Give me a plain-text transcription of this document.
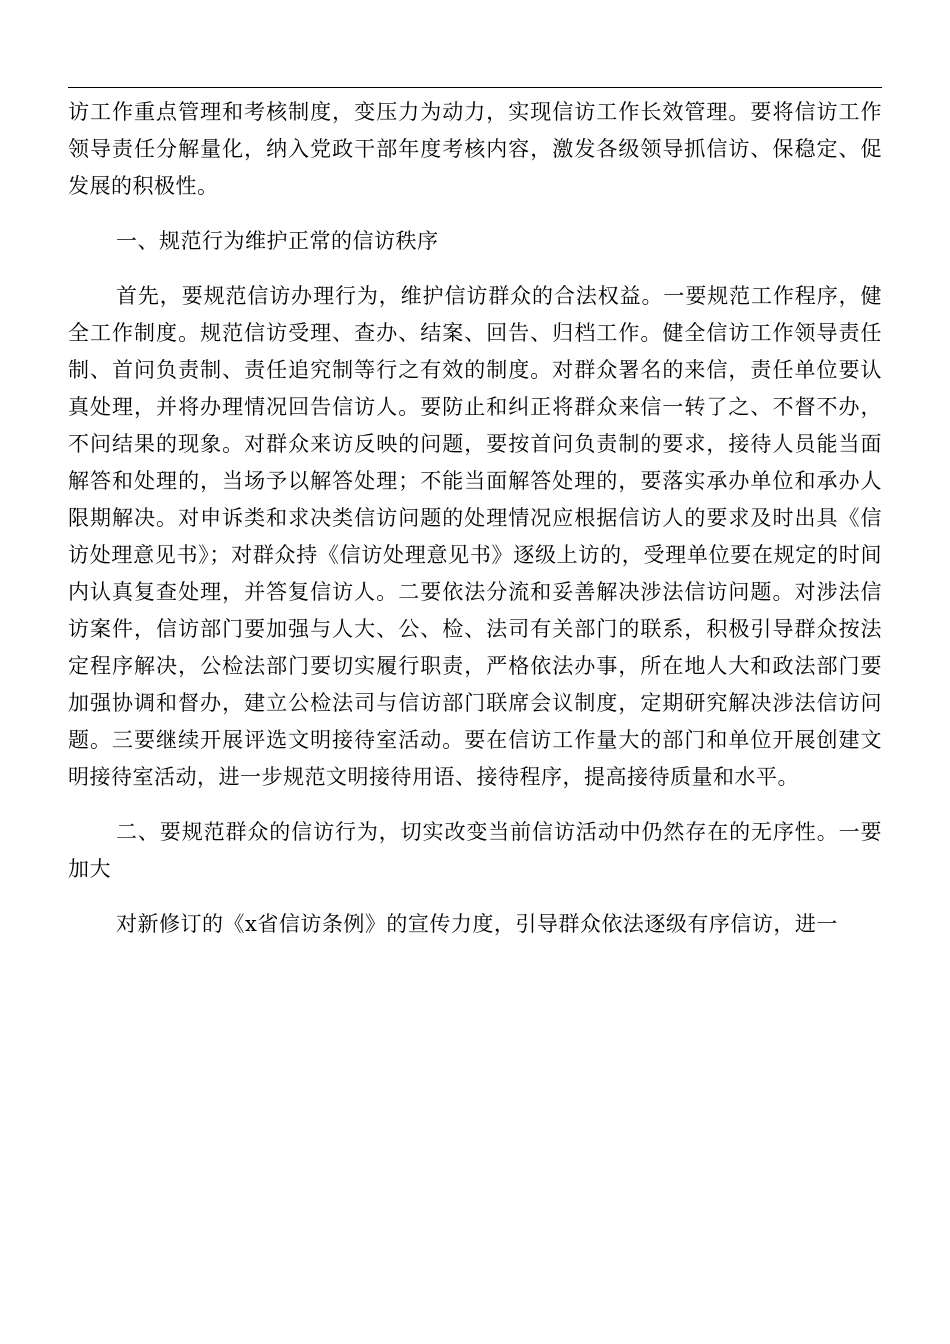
访工作重点管理和考核制度，变压力为动力，实现信访工作长效管理。要将信访工作领导责任分解量化，纳入党政干部年度考核内容，激发各级领导抓信访、保稳定、促发展的积极性。

一、规范行为维护正常的信访秩序

首先，要规范信访办理行为，维护信访群众的合法权益。一要规范工作程序，健全工作制度。规范信访受理、查办、结案、回告、归档工作。健全信访工作领导责任制、首问负责制、责任追究制等行之有效的制度。对群众署名的来信，责任单位要认真处理，并将办理情况回告信访人。要防止和纠正将群众来信一转了之、不督不办，不问结果的现象。对群众来访反映的问题，要按首问负责制的要求，接待人员能当面解答和处理的，当场予以解答处理；不能当面解答处理的，要落实承办单位和承办人限期解决。对申诉类和求决类信访问题的处理情况应根据信访人的要求及时出具《信访处理意见书》；对群众持《信访处理意见书》逐级上访的，受理单位要在规定的时间内认真复查处理，并答复信访人。二要依法分流和妥善解决涉法信访问题。对涉法信访案件，信访部门要加强与人大、公、检、法司有关部门的联系，积极引导群众按法定程序解决，公检法部门要切实履行职责，严格依法办事，所在地人大和政法部门要加强协调和督办，建立公检法司与信访部门联席会议制度，定期研究解决涉法信访问题。三要继续开展评选文明接待室活动。要在信访工作量大的部门和单位开展创建文明接待室活动，进一步规范文明接待用语、接待程序，提高接待质量和水平。

二、要规范群众的信访行为，切实改变当前信访活动中仍然存在的无序性。一要加大

对新修订的《x省信访条例》的宣传力度，引导群众依法逐级有序信访，进一
